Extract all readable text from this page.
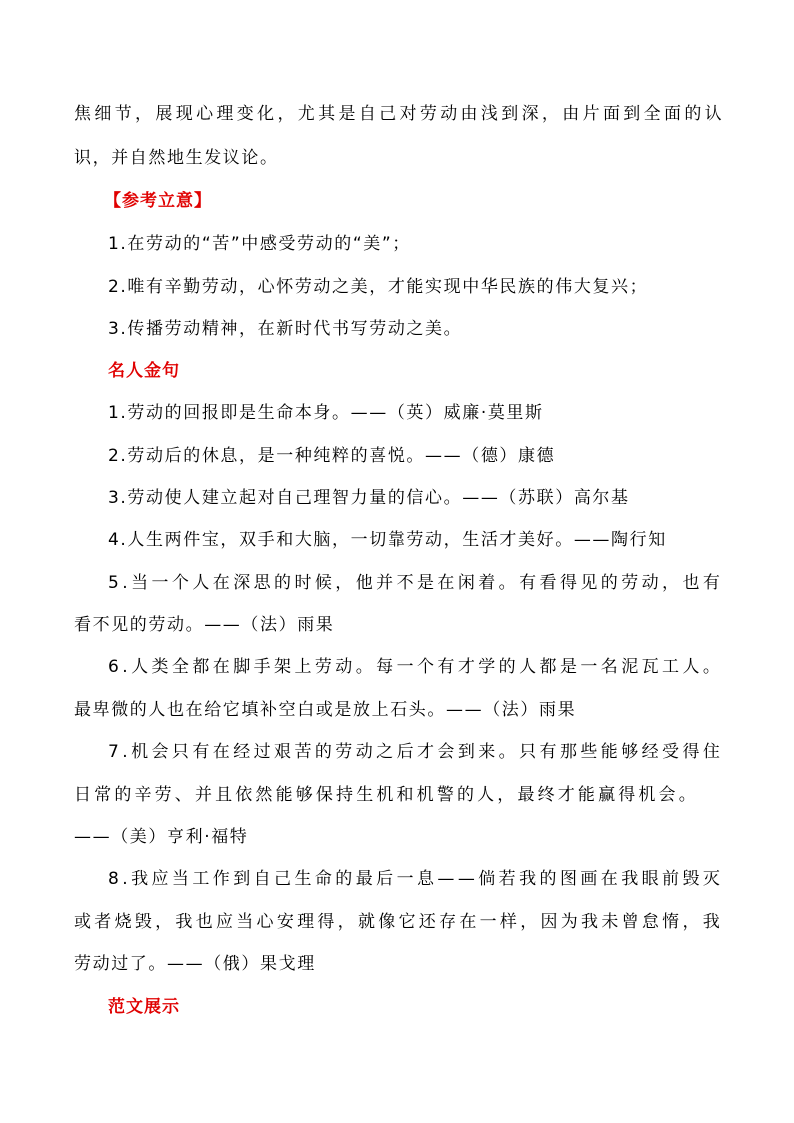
焦 细 节 ， 展 现 心 理 变 化 ， 尤 其 是 自 己 对 劳 动 由 浅 到 深 ， 由 片 面 到 全 面 的 认
识，并自然地生发议论。
【参考立意】
1.在劳动的“苦”中感受劳动的“美”；
2.唯有辛勤劳动，心怀劳动之美，才能实现中华民族的伟大复兴；
3.传播劳动精神，在新时代书写劳动之美。
名人金句
1.劳动的回报即是生命本身。——（英）威廉·莫里斯
2.劳动后的休息，是一种纯粹的喜悦。——（德）康德
3.劳动使人建立起对自己理智力量的信心。——（苏联）高尔基
4.人生两件宝，双手和大脑，一切靠劳动，生活才美好。——陶行知
5 . 当 一 个 人 在 深 思 的 时 候 ， 他 并 不 是 在 闲 着 。 有 看 得 见 的 劳 动 ， 也 有
看不见的劳动。——（法）雨果
6 . 人 类 全 都 在 脚 手 架 上 劳 动 。 每 一 个 有 才 学 的 人 都 是 一 名 泥 瓦 工 人 。
最卑微的人也在给它填补空白或是放上石头。——（法）雨果
7 . 机 会 只 有 在 经 过 艰 苦 的 劳 动 之 后 才 会 到 来 。 只 有 那 些 能 够 经 受 得 住
日 常 的 辛 劳 、 并 且 依 然 能 够 保 持 生 机 和 机 警 的 人 ， 最 终 才 能 赢 得 机 会 。
——（美）亨利·福特
8 . 我 应 当 工 作 到 自 己 生 命 的 最 后 一 息 — — 倘 若 我 的 图 画 在 我 眼 前 毁 灭
或 者 烧 毁 ， 我 也 应 当 心 安 理 得 ， 就 像 它 还 存 在 一 样 ， 因 为 我 未 曾 怠 惰 ， 我
劳动过了。——（俄）果戈理
范文展示
